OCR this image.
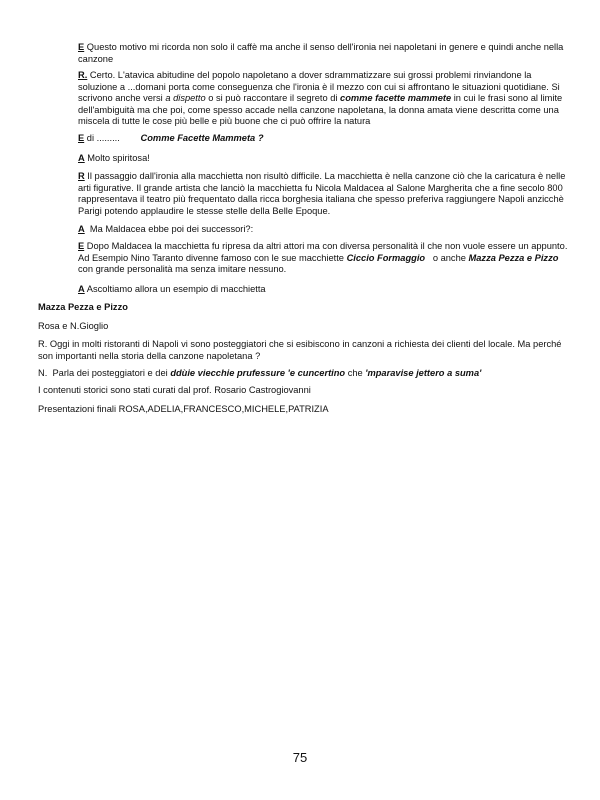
E Questo motivo mi ricorda non solo il caffè ma anche il senso dell'ironia nei napoletani in genere e quindi anche nella canzone
R. Certo. L'atavica abitudine del popolo napoletano a dover sdrammatizzare sui grossi problemi rinviandone la soluzione a ...domani porta come conseguenza che l'ironia è il mezzo con cui si affrontano le situazioni quotidiane. Si scrivono anche versi a dispetto o si può raccontare il segreto di comme facette mammete in cui le frasi sono al limite dell'ambiguità ma che poi, come spesso accade nella canzone napoletana, la donna amata viene descritta come una miscela di tutte le cose più belle e più buone che ci può offrire la natura
E di .........        Comme Facette Mammeta ?
A Molto spiritosa!
R Il passaggio dall'ironia alla macchietta non risultò difficile. La macchietta è nella canzone ciò che la caricatura è nelle arti figurative. Il grande artista che lanciò la macchietta fu Nicola Maldacea al Salone Margherita che a fine secolo 800 rappresentava il teatro più frequentato dalla ricca borghesia italiana che spesso preferiva raggiungere Napoli anzicchè Parigi potendo applaudire le stesse stelle della Belle Epoque.
A  Ma Maldacea ebbe poi dei successori?:
E Dopo Maldacea la macchietta fu ripresa da altri attori ma con diversa personalità il che non vuole essere un appunto. Ad Esempio Nino Taranto divenne famoso con le sue macchiette Ciccio Formaggio   o anche Mazza Pezza e Pizzo con grande personalità ma senza imitare nessuno.
A Ascoltiamo allora un esempio di macchietta
Mazza Pezza e Pizzo
Rosa e N.Gioglio
R. Oggi in molti ristoranti di Napoli vi sono posteggiatori che si esibiscono in canzoni a richiesta dei clienti del locale. Ma perché son importanti nella storia della canzone napoletana ?
N.  Parla dei posteggiatori e dei ddùie viecchie prufessure 'e cuncertino che 'mparavise jettero a suma'
I contenuti storici sono stati curati dal prof. Rosario Castrogiovanni
Presentazioni finali ROSA,ADELIA,FRANCESCO,MICHELE,PATRIZIA
75
